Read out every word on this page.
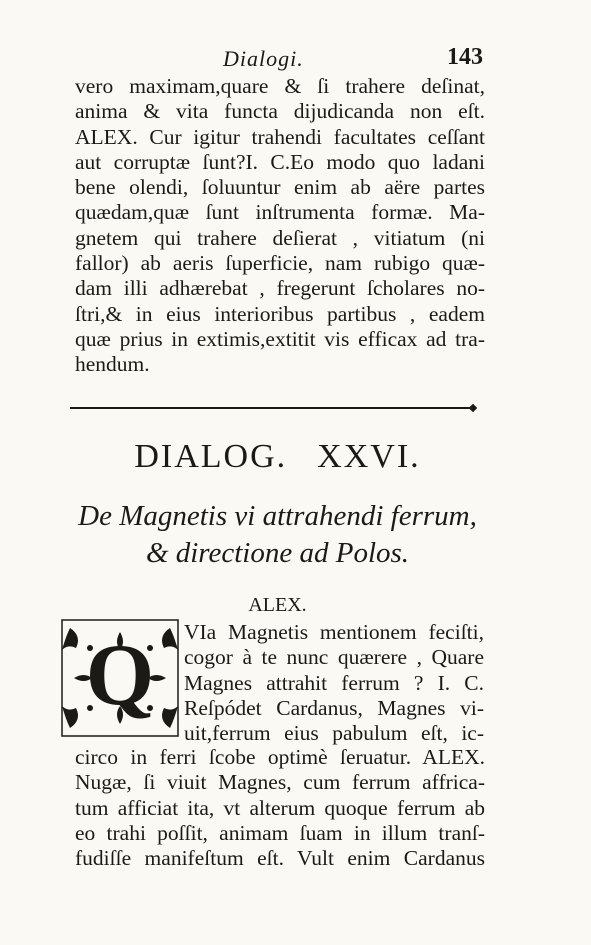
Dialogi.	143
vero maximam,quare & ſi trahere deſinat,
anima & vita functa dijudicanda non eſt.
ALEX. Cur igitur trahendi facultates ceſſant
aut corruptæ ſunt?I. C.Eo modo quo ladani
bene olendi, ſoluuntur enim ab aëre partes
quædam,quæ ſunt inſtrumenta formæ. Ma-
gnetem qui trahere deſierat , vitiatum (ni
fallor) ab aeris ſuperficie, nam rubigo quæ-
dam illi adhærebat , fregerunt ſcholares no-
ſtri,& in eius interioribus partibus , eadem
quæ prius in extimis,extitit vis efficax ad tra-
hendum.
DIALOG. XXVI.
De Magnetis vi attrahendi ferrum,
& directione ad Polos.
ALEX.
Q VIa Magnetis mentionem feciſti,
cogor à te nunc quærere , Quare
Magnes attrahit ferrum ? I. C.
Reſpódet Cardanus, Magnes vi-
uit,ferrum eius pabulum eſt, ic-
circo in ferri ſcobe optimè ſeruatur. ALEX.
Nugæ, ſi viuit Magnes, cum ferrum affrica-
tum afficiat ita, vt alterum quoque ferrum ab
eo trahi poſſit, animam ſuam in illum tranſ-
fudiſſe manifeſtum eſt. Vult enim Cardanus
